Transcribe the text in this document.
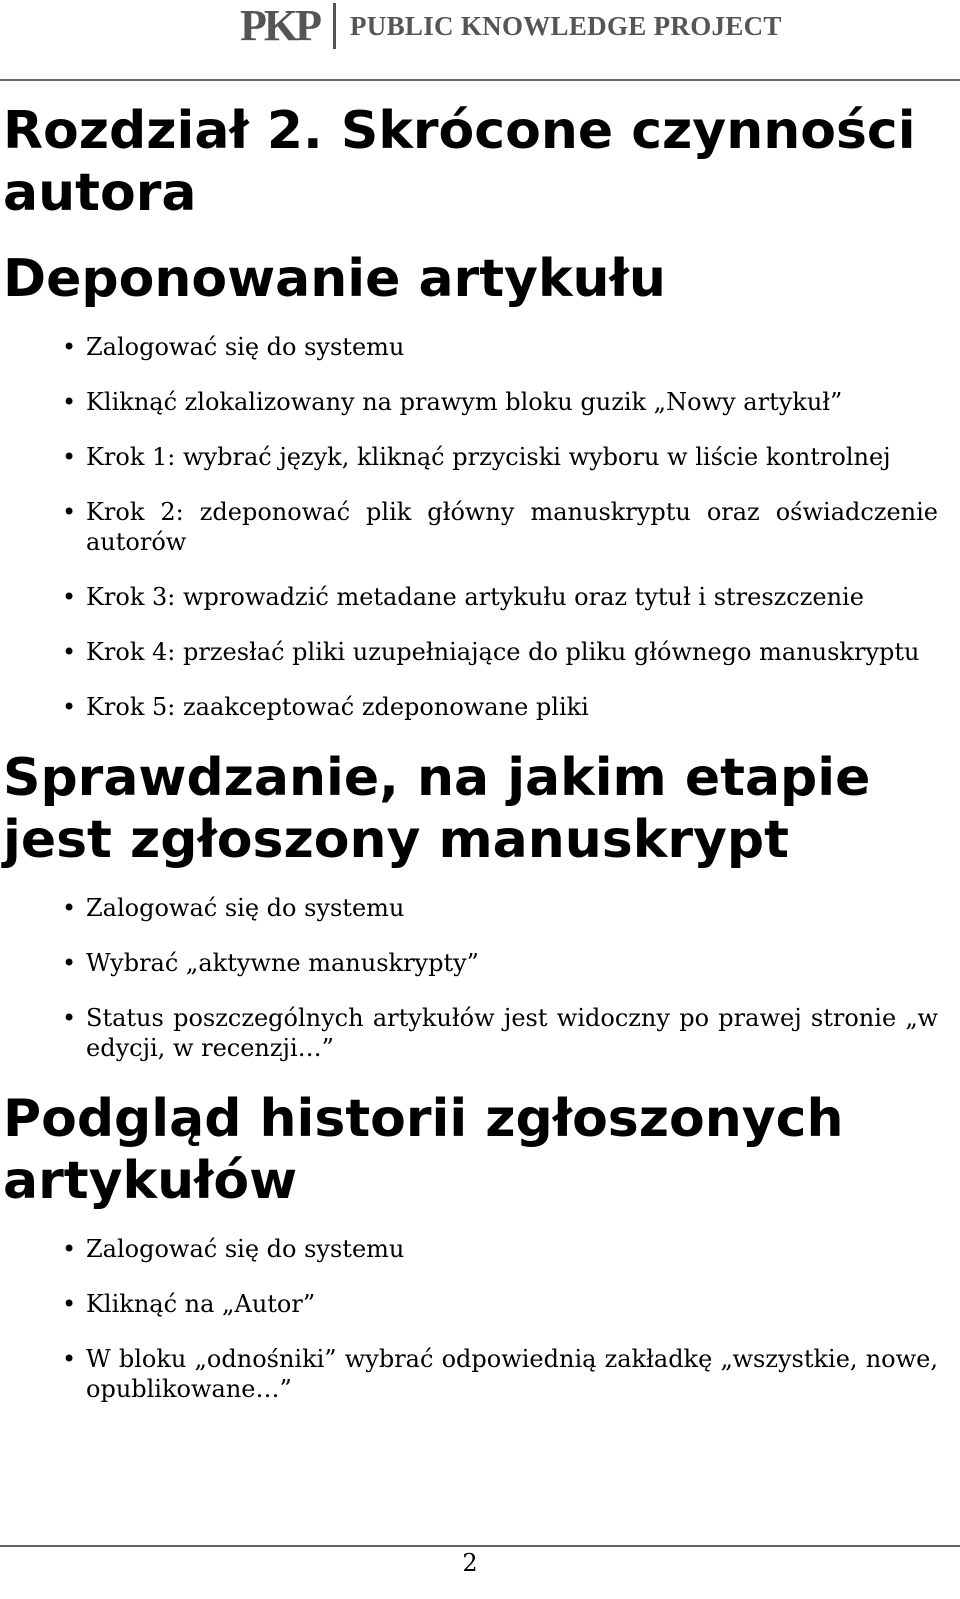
PKP PUBLIC KNOWLEDGE PROJECT
Rozdział 2. Skrócone czynności autora
Deponowanie artykułu
• Zalogować się do systemu
• Kliknąć zlokalizowany na prawym bloku guzik „Nowy artykuł”
• Krok 1: wybrać język, kliknąć przyciski wyboru w liście kontrolnej
• Krok 2: zdeponować plik główny manuskryptu oraz oświadczenie autorów
• Krok 3: wprowadzić metadane artykułu oraz tytuł i streszczenie
• Krok 4: przesłać pliki uzupełniające do pliku głównego manuskryptu
• Krok 5: zaakceptować zdeponowane pliki
Sprawdzanie, na jakim etapie jest zgłoszony manuskrypt
• Zalogować się do systemu
• Wybrać „aktywne manuskrypty”
• Status poszczególnych artykułów jest widoczny po prawej stronie „w edycji, w recenzji…”
Podgląd historii zgłoszonych artykułów
• Zalogować się do systemu
• Kliknąć na „Autor”
• W bloku „odnośniki” wybrać odpowiednią zakładkę „wszystkie, nowe, opublikowane…”
2
